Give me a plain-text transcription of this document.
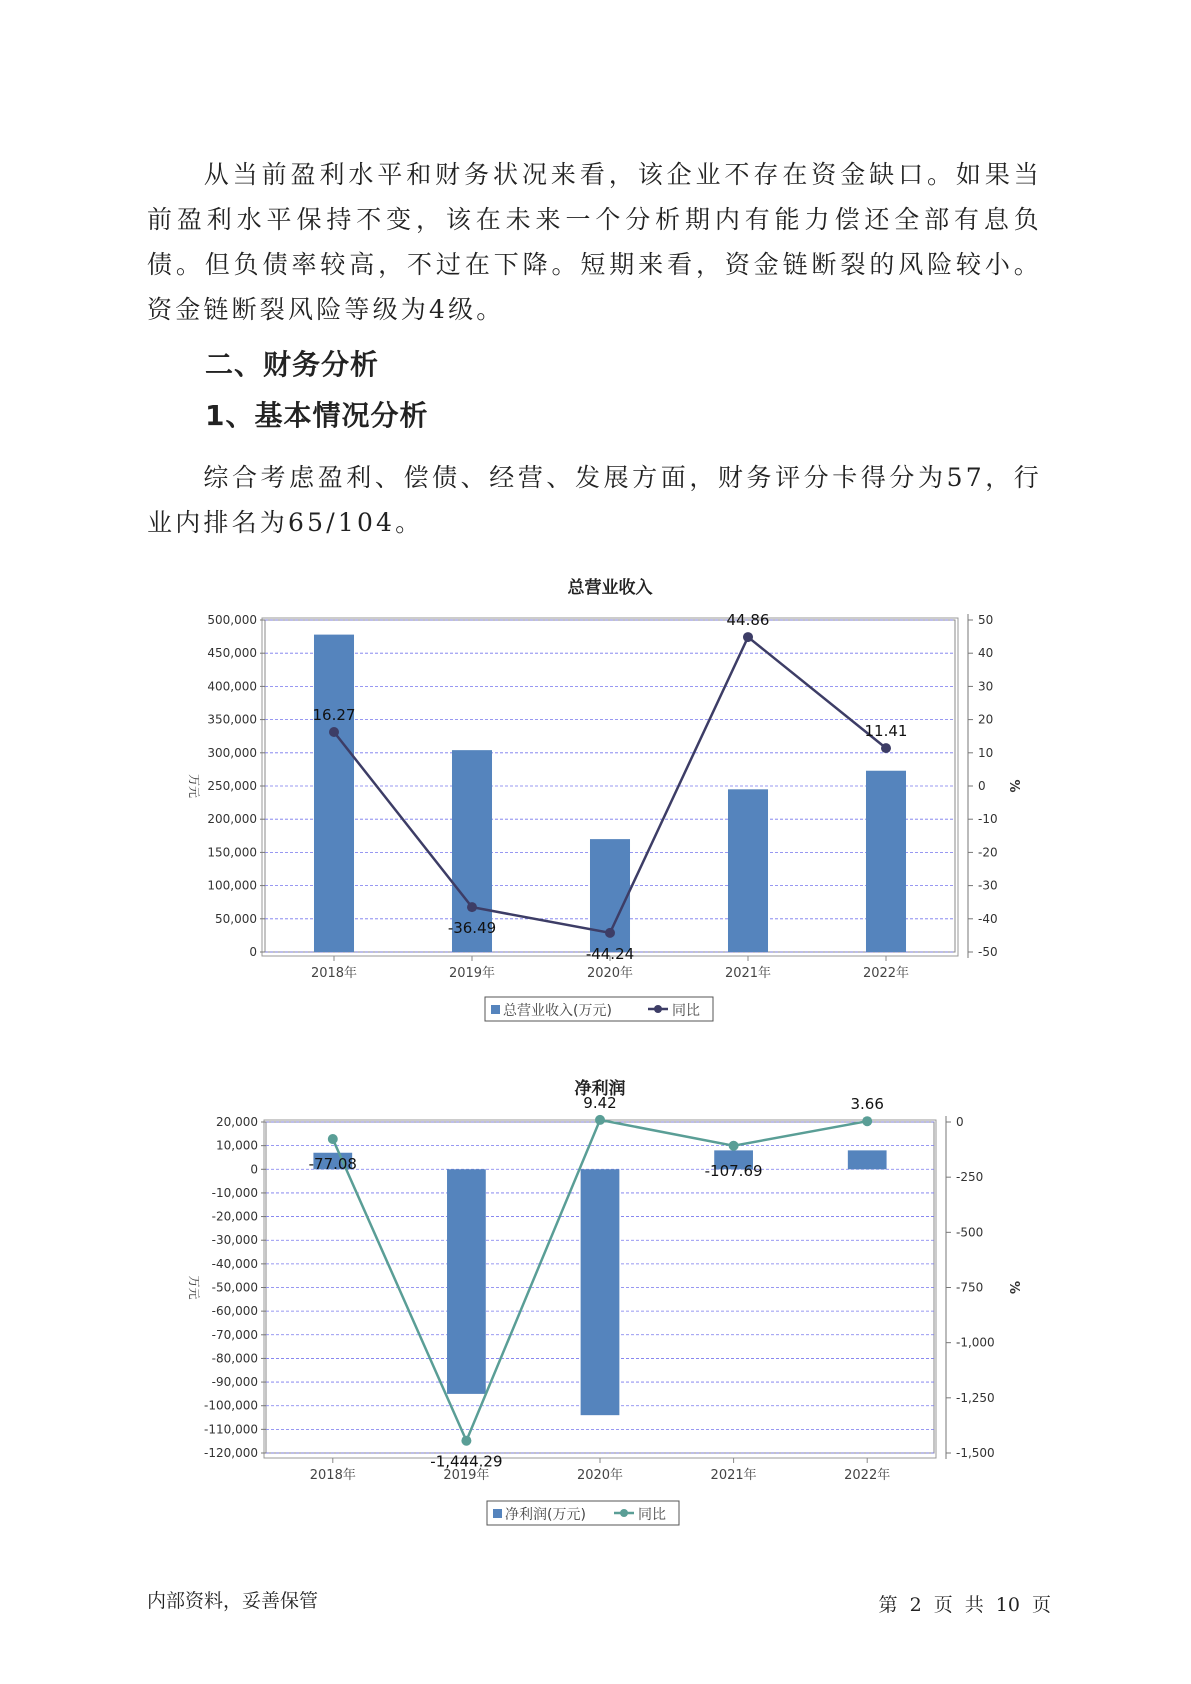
从当前盈利水平和财务状况来看，该企业不存在资金缺口。如果当前盈利水平保持不变，该在未来一个分析期内有能力偿还全部有息负债。但负债率较高，不过在下降。短期来看，资金链断裂的风险较小。资金链断裂风险等级为4级。

二、财务分析
1、基本情况分析

综合考虑盈利、偿债、经营、发展方面，财务评分卡得分为57，行业内排名为65/104。

总营业收入
0
50,000
100,000
150,000
200,000
250,000
300,000
350,000
400,000
450,000
500,000
-50
-40
-30
-20
-10
0
10
20
30
40
50
万元	%
2018年	2019年	2020年	2021年	2022年
16.27
-36.49
-44.24
44.86
11.41
总营业收入(万元)	同比
净利润
20,000
10,000
0
-10,000
-20,000
-30,000
-40,000
-50,000
-60,000
-70,000
-80,000
-90,000
-100,000
-110,000
-120,000
0
-250
-500
-750
-1,000
-1,250
-1,500
万元	%
2018年	2019年	2020年	2021年	2022年
-77.08
-1,444.29
9.42
-107.69
3.66
净利润(万元)	同比
内部资料，妥善保管	第 2 页 共 10 页
